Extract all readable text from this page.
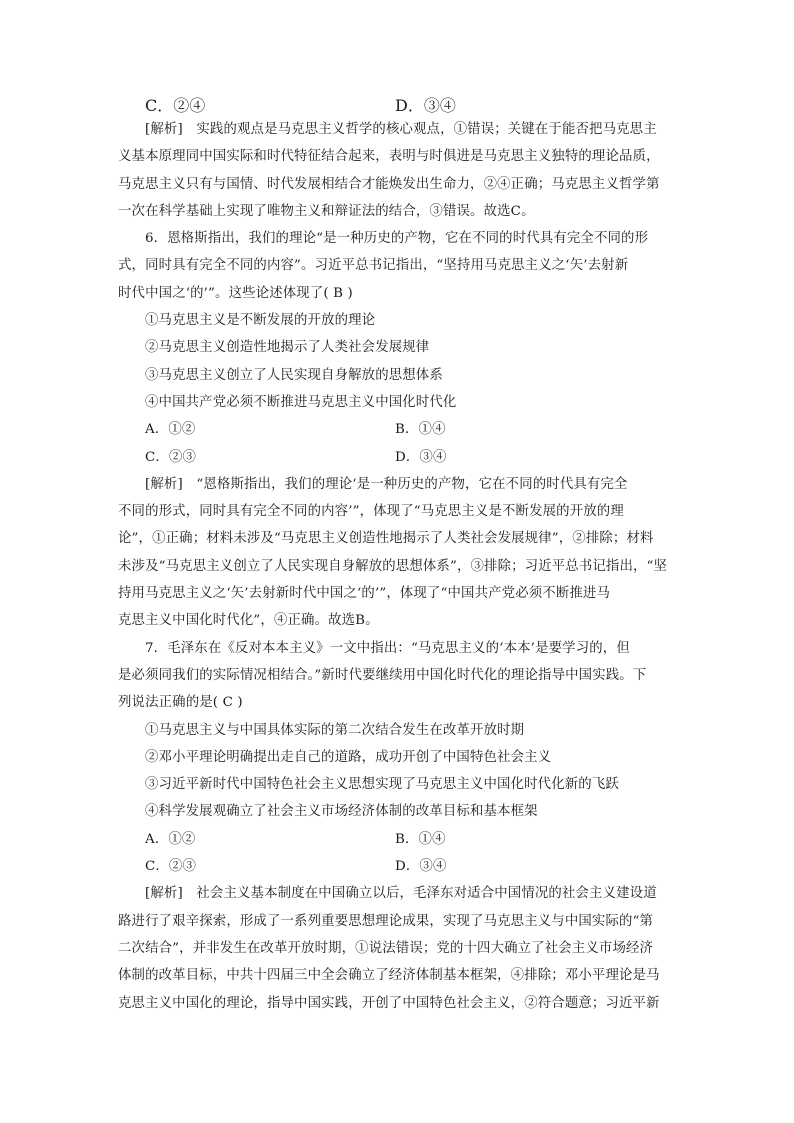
C．②④	D．③④
[解析]　实践的观点是马克思主义哲学的核心观点，①错误；关键在于能否把马克思主
义基本原理同中国实际和时代特征结合起来，表明与时俱进是马克思主义独特的理论品质，
马克思主义只有与国情、时代发展相结合才能焕发出生命力，②④正确；马克思主义哲学第
一次在科学基础上实现了唯物主义和辩证法的结合，③错误。故选C。
6．恩格斯指出，我们的理论“是一种历史的产物，它在不同的时代具有完全不同的形
式，同时具有完全不同的内容”。习近平总书记指出，“坚持用马克思主义之‘矢’去射新
时代中国之‘的’”。这些论述体现了( B )
①马克思主义是不断发展的开放的理论
②马克思主义创造性地揭示了人类社会发展规律
③马克思主义创立了人民实现自身解放的思想体系
④中国共产党必须不断推进马克思主义中国化时代化
A．①②	B．①④
C．②③	D．③④
[解析]　“恩格斯指出，我们的理论‘是一种历史的产物，它在不同的时代具有完全
不同的形式，同时具有完全不同的内容’”，体现了“马克思主义是不断发展的开放的理
论”，①正确；材料未涉及“马克思主义创造性地揭示了人类社会发展规律”，②排除；材料
未涉及“马克思主义创立了人民实现自身解放的思想体系”，③排除；习近平总书记指出，“坚
持用马克思主义之‘矢’去射新时代中国之‘的’”，体现了“中国共产党必须不断推进马
克思主义中国化时代化”，④正确。故选B。
7．毛泽东在《反对本本主义》一文中指出：“马克思主义的‘本本’是要学习的，但
是必须同我们的实际情况相结合。”新时代要继续用中国化时代化的理论指导中国实践。下
列说法正确的是( C )
①马克思主义与中国具体实际的第二次结合发生在改革开放时期
②邓小平理论明确提出走自己的道路，成功开创了中国特色社会主义
③习近平新时代中国特色社会主义思想实现了马克思主义中国化时代化新的飞跃
④科学发展观确立了社会主义市场经济体制的改革目标和基本框架
A．①②	B．①④
C．②③	D．③④
[解析]　社会主义基本制度在中国确立以后，毛泽东对适合中国情况的社会主义建设道
路进行了艰辛探索，形成了一系列重要思想理论成果，实现了马克思主义与中国实际的“第
二次结合”，并非发生在改革开放时期，①说法错误；党的十四大确立了社会主义市场经济
体制的改革目标，中共十四届三中全会确立了经济体制基本框架，④排除；邓小平理论是马
克思主义中国化的理论，指导中国实践，开创了中国特色社会主义，②符合题意；习近平新
